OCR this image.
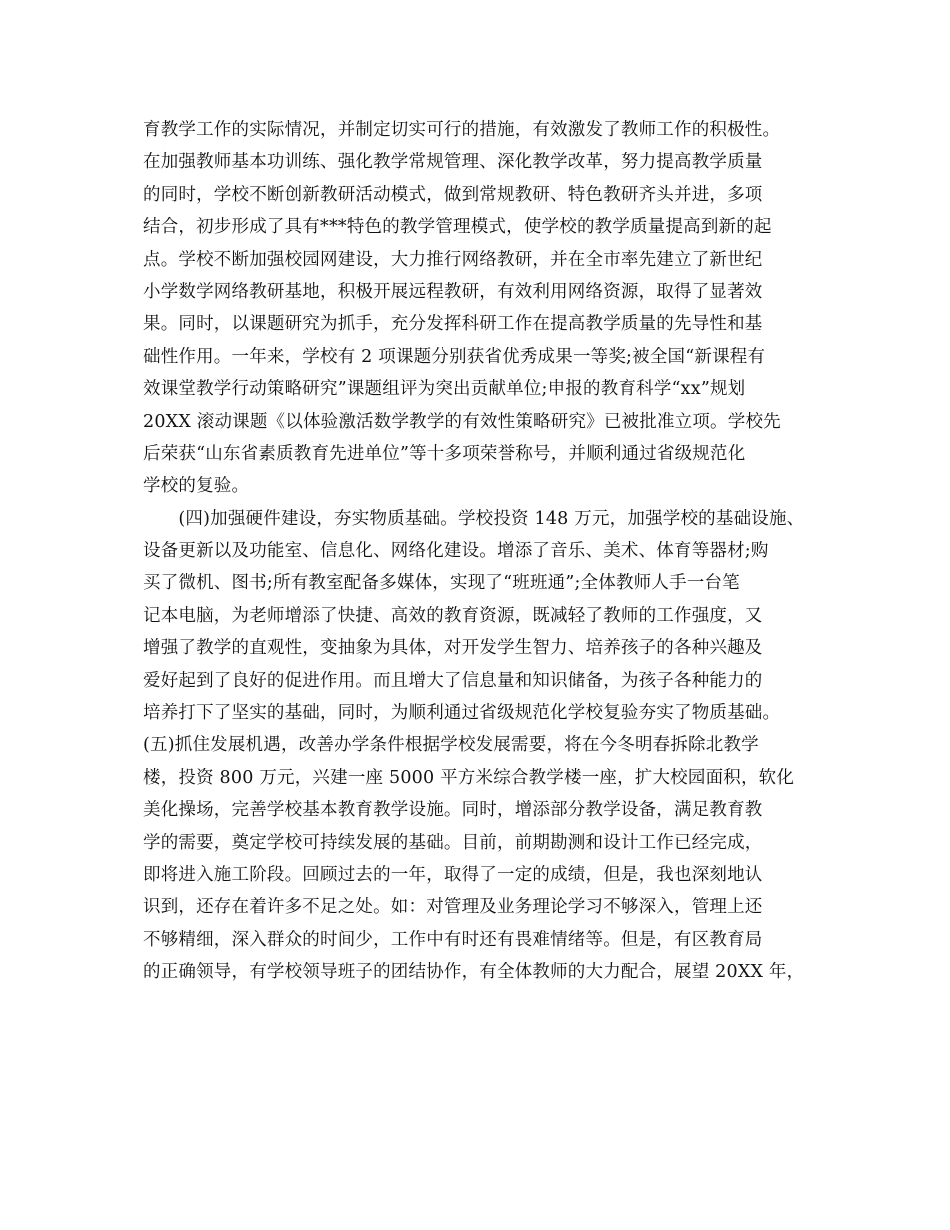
育教学工作的实际情况，并制定切实可行的措施，有效激发了教师工作的积极性。
在加强教师基本功训练、强化教学常规管理、深化教学改革，努力提高教学质量
的同时，学校不断创新教研活动模式，做到常规教研、特色教研齐头并进，多项
结合，初步形成了具有***特色的教学管理模式，使学校的教学质量提高到新的起
点。学校不断加强校园网建设，大力推行网络教研，并在全市率先建立了新世纪
小学数学网络教研基地，积极开展远程教研，有效利用网络资源，取得了显著效
果。同时，以课题研究为抓手，充分发挥科研工作在提高教学质量的先导性和基
础性作用。一年来，学校有 2 项课题分别获省优秀成果一等奖;被全国“新课程有
效课堂教学行动策略研究”课题组评为突出贡献单位;申报的教育科学“xx”规划
20XX 滚动课题《以体验激活数学教学的有效性策略研究》已被批准立项。学校先
后荣获“山东省素质教育先进单位”等十多项荣誉称号，并顺利通过省级规范化
学校的复验。
　　(四)加强硬件建设，夯实物质基础。学校投资 148 万元，加强学校的基础设施、
设备更新以及功能室、信息化、网络化建设。增添了音乐、美术、体育等器材;购
买了微机、图书;所有教室配备多媒体，实现了“班班通”;全体教师人手一台笔
记本电脑，为老师增添了快捷、高效的教育资源，既减轻了教师的工作强度，又
增强了教学的直观性，变抽象为具体，对开发学生智力、培养孩子的各种兴趣及
爱好起到了良好的促进作用。而且增大了信息量和知识储备，为孩子各种能力的
培养打下了坚实的基础，同时，为顺利通过省级规范化学校复验夯实了物质基础。
(五)抓住发展机遇，改善办学条件根据学校发展需要，将在今冬明春拆除北教学
楼，投资 800 万元，兴建一座 5000 平方米综合教学楼一座，扩大校园面积，软化
美化操场，完善学校基本教育教学设施。同时，增添部分教学设备，满足教育教
学的需要，奠定学校可持续发展的基础。目前，前期勘测和设计工作已经完成，
即将进入施工阶段。回顾过去的一年，取得了一定的成绩，但是，我也深刻地认
识到，还存在着许多不足之处。如：对管理及业务理论学习不够深入，管理上还
不够精细，深入群众的时间少，工作中有时还有畏难情绪等。但是，有区教育局
的正确领导，有学校领导班子的团结协作，有全体教师的大力配合，展望 20XX 年，
